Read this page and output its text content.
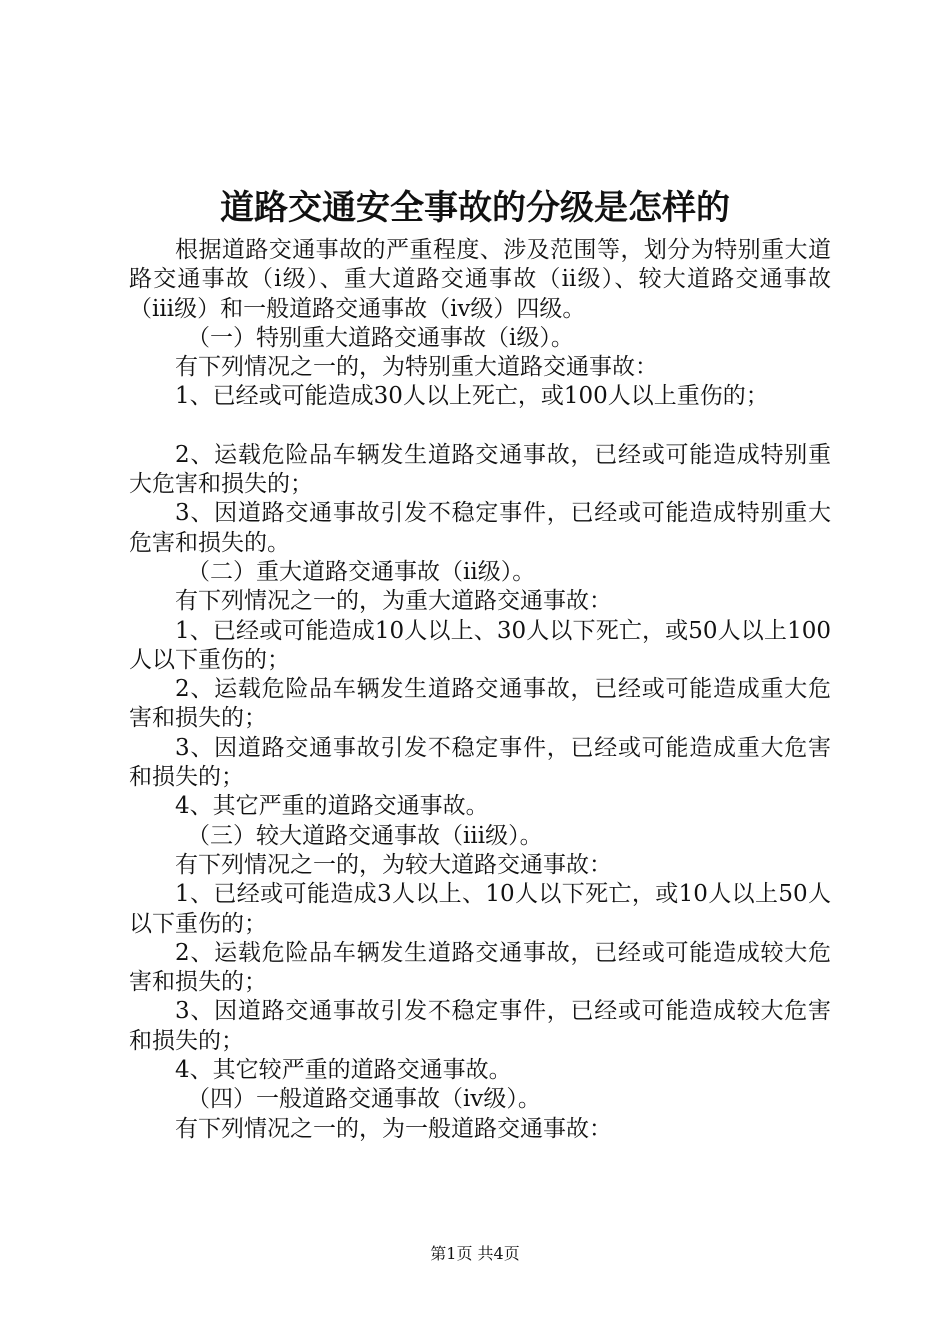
道路交通安全事故的分级是怎样的

根据道路交通事故的严重程度、涉及范围等，划分为特别重大道路交通事故（ⅰ级）、重大道路交通事故（ⅱ级）、较大道路交通事故（ⅲ级）和一般道路交通事故（ⅳ级）四级。

（一）特别重大道路交通事故（ⅰ级）。

有下列情况之一的，为特别重大道路交通事故：

1、已经或可能造成30人以上死亡，或100人以上重伤的；

2、运载危险品车辆发生道路交通事故，已经或可能造成特别重大危害和损失的；

3、因道路交通事故引发不稳定事件，已经或可能造成特别重大危害和损失的。

（二）重大道路交通事故（ⅱ级）。

有下列情况之一的，为重大道路交通事故：

1、已经或可能造成10人以上、30人以下死亡，或50人以上100人以下重伤的；

2、运载危险品车辆发生道路交通事故，已经或可能造成重大危害和损失的；

3、因道路交通事故引发不稳定事件，已经或可能造成重大危害和损失的；

4、其它严重的道路交通事故。

（三）较大道路交通事故（ⅲ级）。

有下列情况之一的，为较大道路交通事故：

1、已经或可能造成3人以上、10人以下死亡，或10人以上50人以下重伤的；

2、运载危险品车辆发生道路交通事故，已经或可能造成较大危害和损失的；

3、因道路交通事故引发不稳定事件，已经或可能造成较大危害和损失的；

4、其它较严重的道路交通事故。

（四）一般道路交通事故（ⅳ级）。

有下列情况之一的，为一般道路交通事故：

第1页 共4页
